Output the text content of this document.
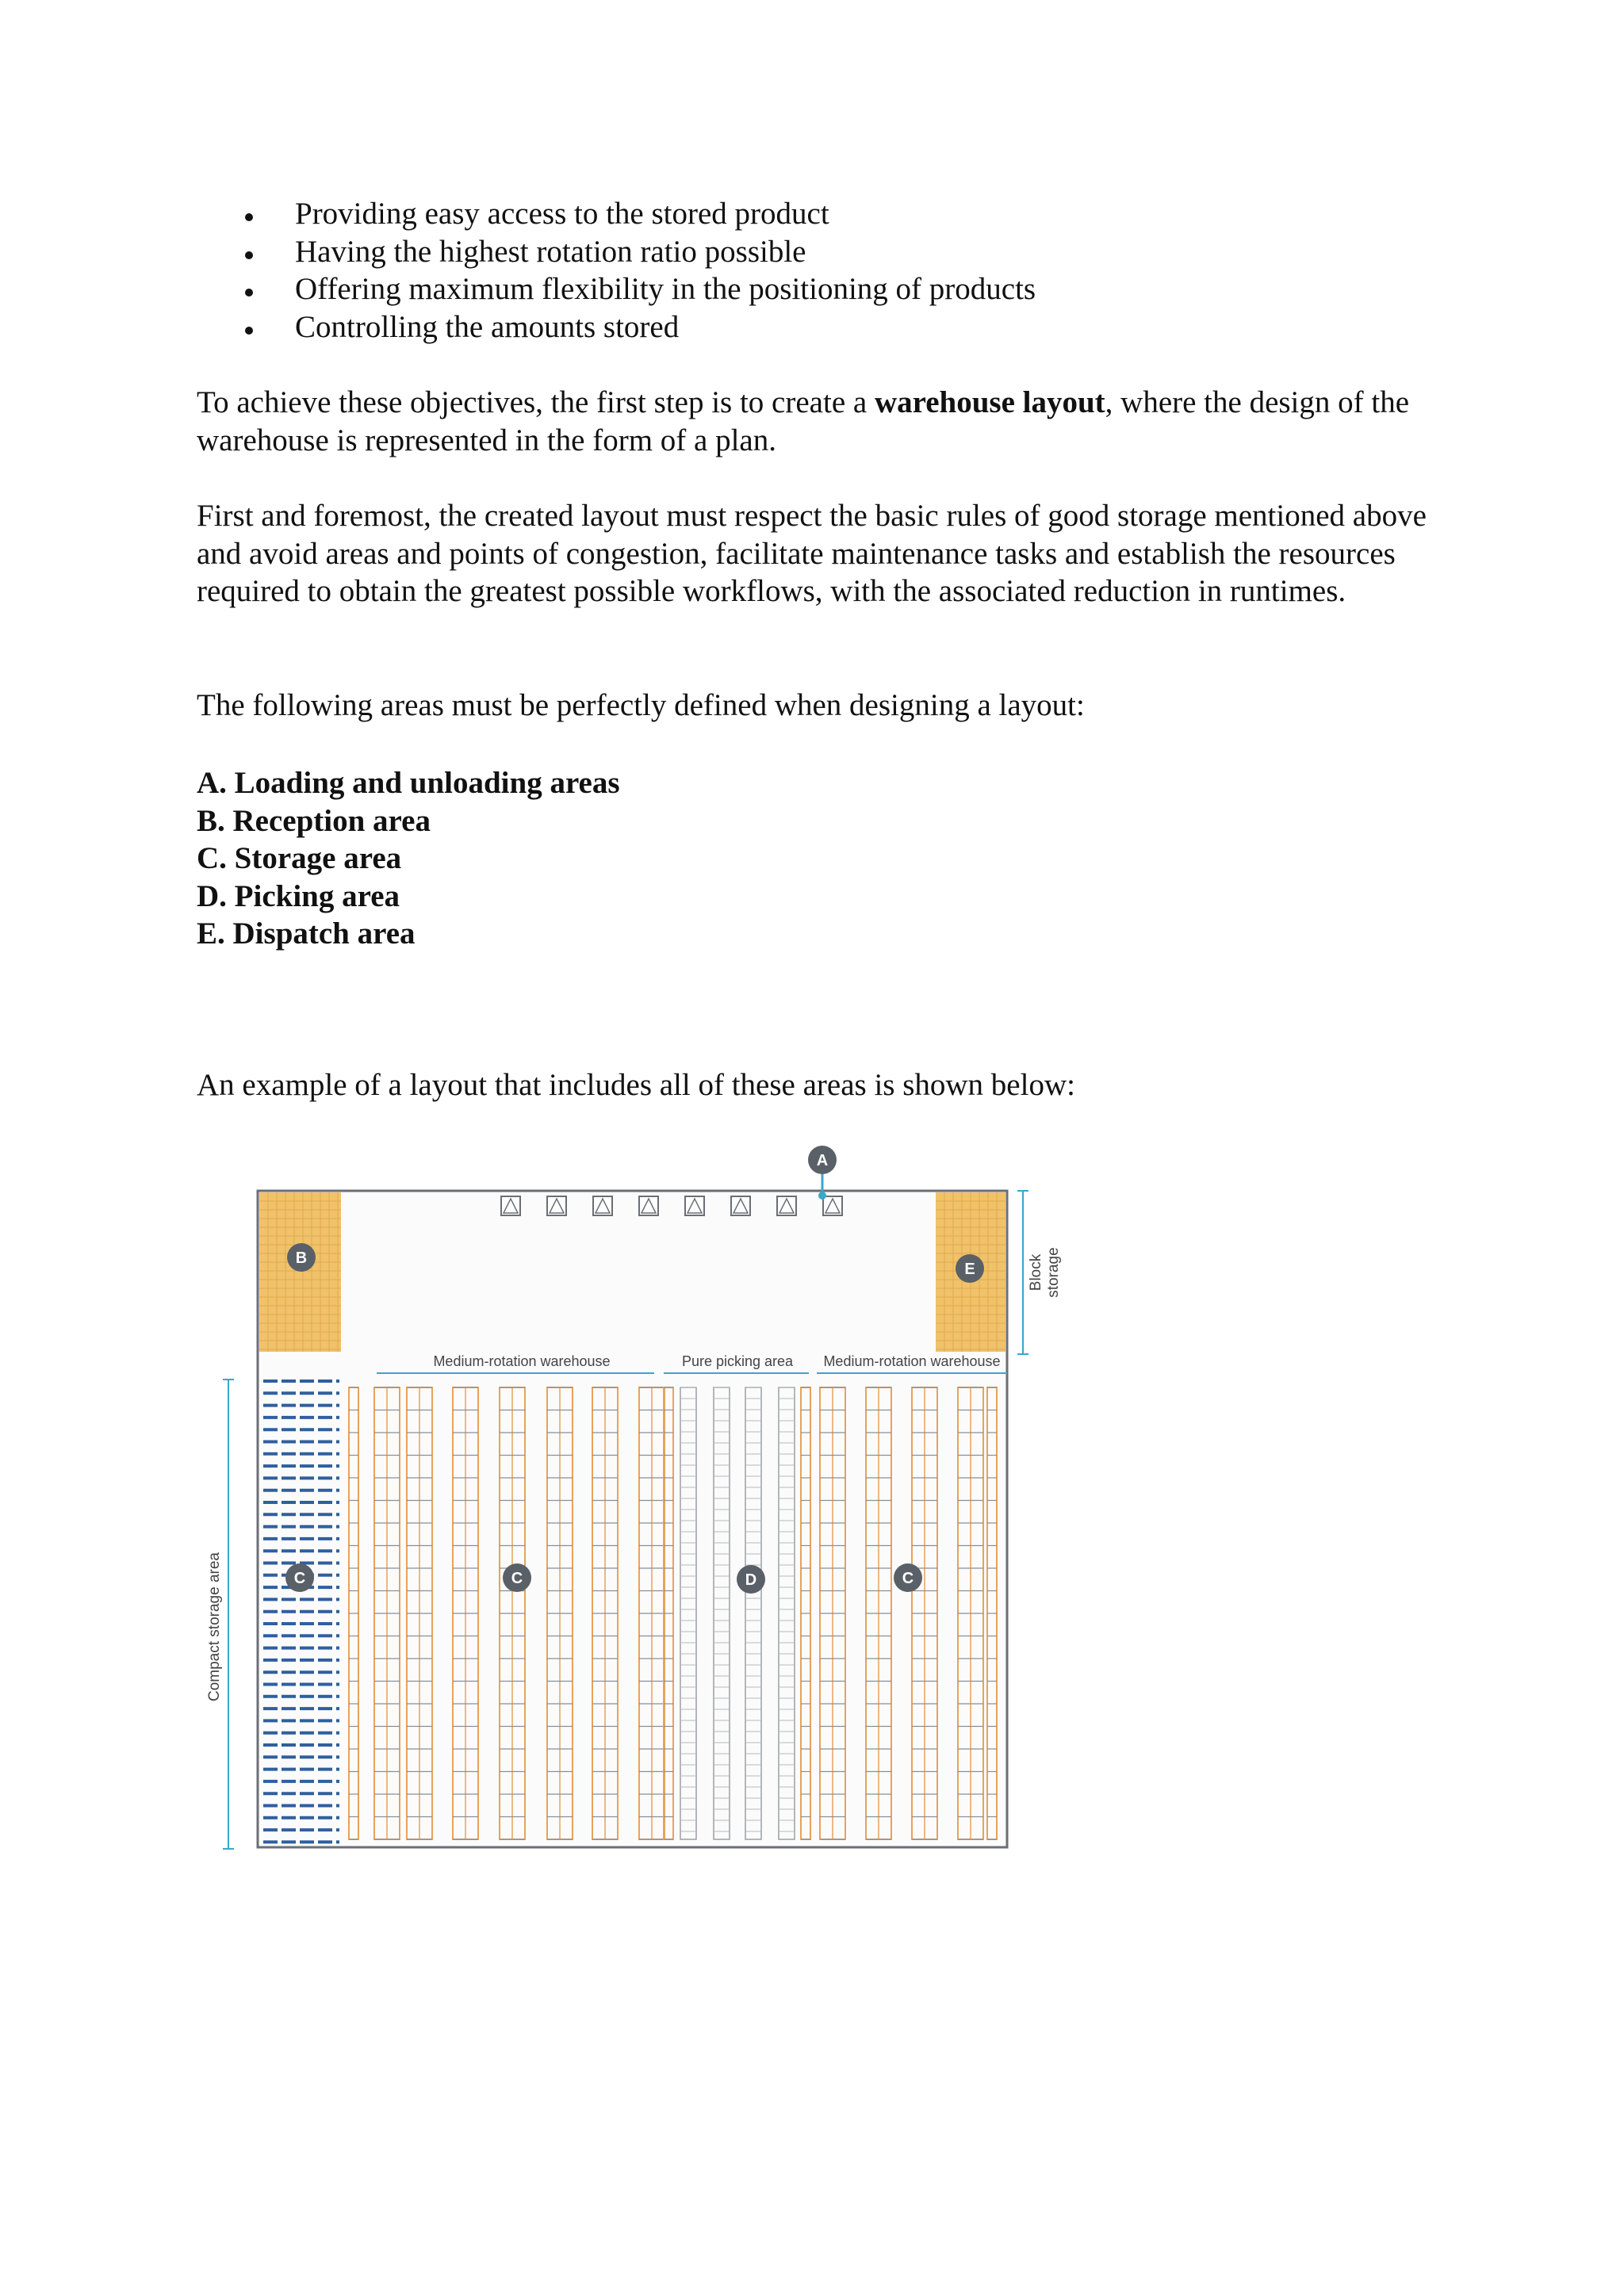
Providing easy access to the stored product
Having the highest rotation ratio possible
Offering maximum flexibility in the positioning of products
Controlling the amounts stored

To achieve these objectives, the first step is to create a warehouse layout, where the design of the warehouse is represented in the form of a plan.

First and foremost, the created layout must respect the basic rules of good storage mentioned above and avoid areas and points of congestion, facilitate maintenance tasks and establish the resources required to obtain the greatest possible workflows, with the associated reduction in runtimes.

The following areas must be perfectly defined when designing a layout:

A. Loading and unloading areas
B. Reception area
C. Storage area
D. Picking area
E. Dispatch area

An example of a layout that includes all of these areas is shown below:

A
B
E	Block storage
Medium-rotation warehouse	Pure picking area Medium-rotation warehouse
Compact storage area	C	C	D	C
